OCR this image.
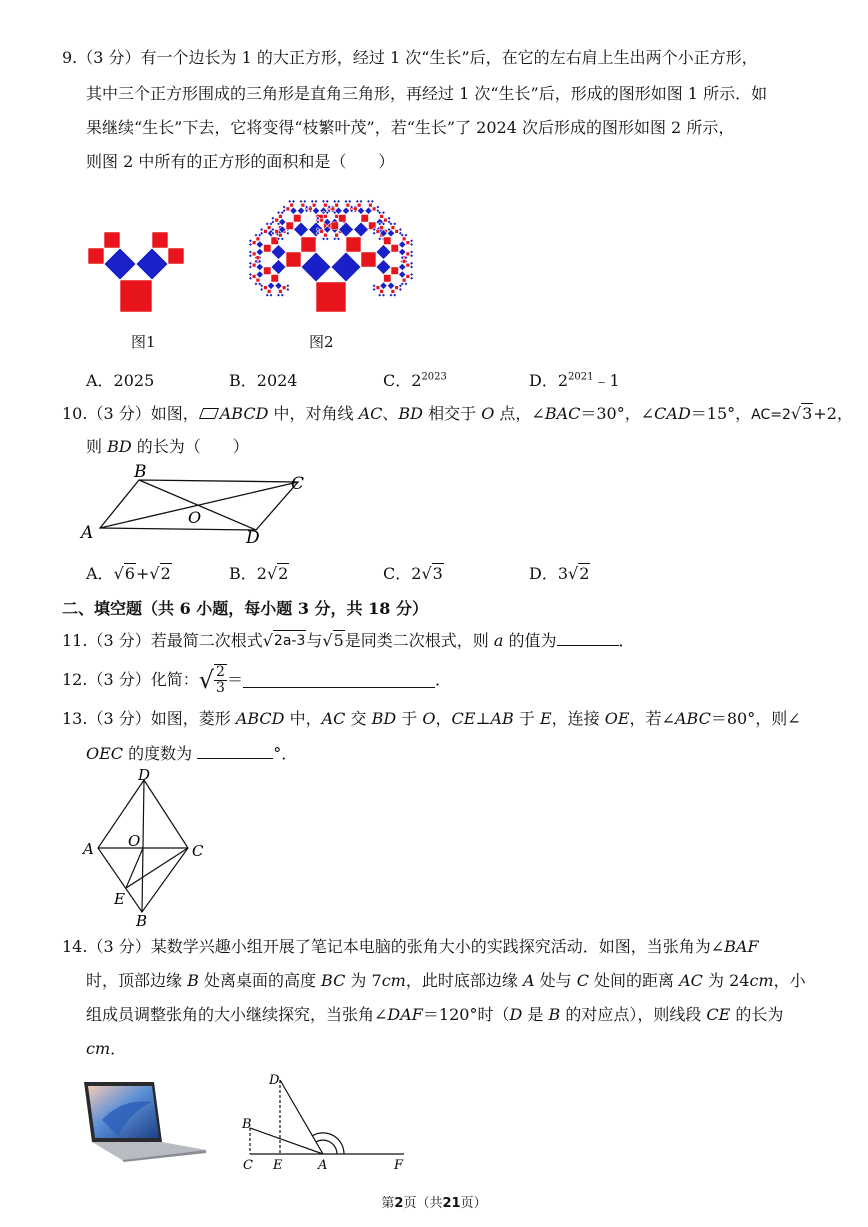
9.（3 分）有一个边长为 1 的大正方形，经过 1 次“生长”后，在它的左右肩上生出两个小正方形，
其中三个正方形围成的三角形是直角三角形，再经过 1 次“生长”后，形成的图形如图 1 所示．如
果继续“生长”下去，它将变得“枝繁叶茂”，若“生长”了 2024 次后形成的图形如图 2 所示，
则图 2 中所有的正方形的面积和是（　　）
图1	图2
A．2025	B．2024	C．$2^{2023}$	D．$2^{2021}﹣1$
10.（3 分）如图， ABCD 中，对角线 AC、BD 相交于 O 点，∠BAC＝30°，∠CAD＝15°，AC=2 √ 3 +2，
则 BD 的长为（　　）
A
B
C
D
O
A． √ 6 + √ 2	B．2 √ 2	C．2 √ 3	D．3 √ 2
二、填空题（共 6 小题，每小题 3 分，共 18 分）
11.（3 分）若最简二次根式 √ 2a-3 与 √ 5 是同类二次根式，则 a 的值为	．
12.（3 分）化简： √ $\frac{2}{3}$ ＝	．
13.（3 分）如图，菱形 ABCD 中，AC 交 BD 于 O，CE⊥AB 于 E，连接 OE，若∠ABC＝80°，则∠
OEC 的度数为	°．
D
A O
C
E
B
14.（3 分）某数学兴趣小组开展了笔记本电脑的张角大小的实践探究活动．如图，当张角为∠BAF
时，顶部边缘 B 处离桌面的高度 BC 为 7cm，此时底部边缘 A 处与 C 处间的距离 AC 为 24cm，小
组成员调整张角的大小继续探究，当张角∠DAF＝120°时（D 是 B 的对应点），则线段 CE 的长为
cm．
D
B
C E	A	F
第2页（共21页）
